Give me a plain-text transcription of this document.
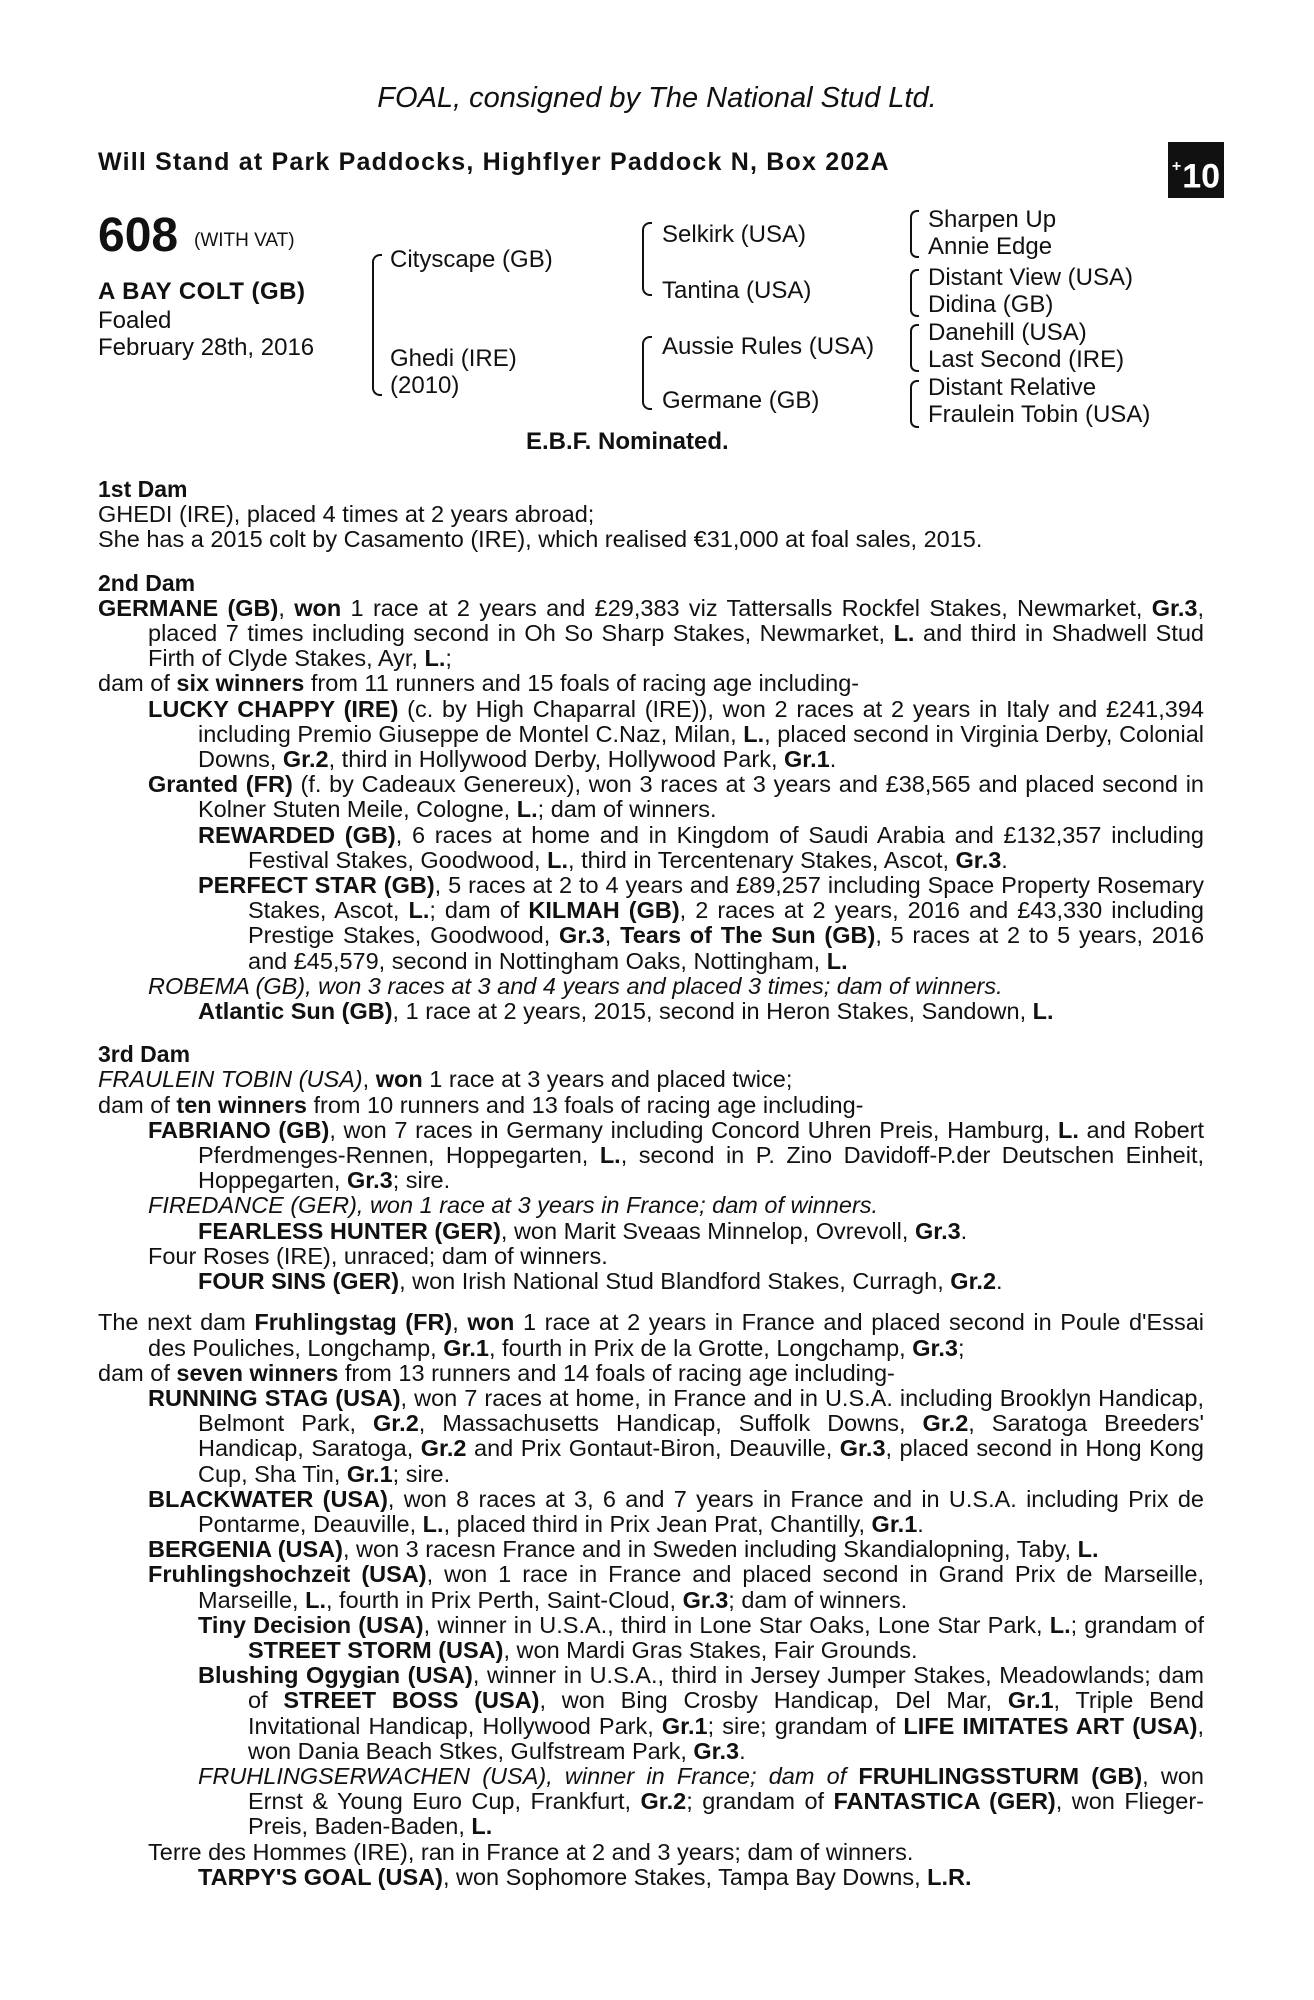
FOAL, consigned by The National Stud Ltd.
Will Stand at Park Paddocks, Highflyer Paddock N, Box 202A	+10
608 (WITH VAT)
A BAY COLT (GB)
Foaled
February 28th, 2016
Cityscape (GB)
Ghedi (IRE)
(2010)
Selkirk (USA)
Tantina (USA)
Aussie Rules (USA)
Germane (GB)
Sharpen Up
Annie Edge
Distant View (USA)
Didina (GB)
Danehill (USA)
Last Second (IRE)
Distant Relative
Fraulein Tobin (USA)
E.B.F. Nominated.
1st Dam

GHEDI (IRE), placed 4 times at 2 years abroad;

She has a 2015 colt by Casamento (IRE), which realised €31,000 at foal sales, 2015.

2nd Dam

GERMANE (GB), won 1 race at 2 years and £29,383 viz Tattersalls Rockfel Stakes, Newmarket, Gr.3, placed 7 times including second in Oh So Sharp Stakes, Newmarket, L. and third in Shadwell Stud Firth of Clyde Stakes, Ayr, L.;

dam of six winners from 11 runners and 15 foals of racing age including-

LUCKY CHAPPY (IRE) (c. by High Chaparral (IRE)), won 2 races at 2 years in Italy and £241,394 including Premio Giuseppe de Montel C.Naz, Milan, L., placed second in Virginia Derby, Colonial Downs, Gr.2, third in Hollywood Derby, Hollywood Park, Gr.1.

Granted (FR) (f. by Cadeaux Genereux), won 3 races at 3 years and £38,565 and placed second in Kolner Stuten Meile, Cologne, L.; dam of winners.

REWARDED (GB), 6 races at home and in Kingdom of Saudi Arabia and £132,357 including Festival Stakes, Goodwood, L., third in Tercentenary Stakes, Ascot, Gr.3.

PERFECT STAR (GB), 5 races at 2 to 4 years and £89,257 including Space Property Rosemary Stakes, Ascot, L.; dam of KILMAH (GB), 2 races at 2 years, 2016 and £43,330 including Prestige Stakes, Goodwood, Gr.3, Tears of The Sun (GB), 5 races at 2 to 5 years, 2016 and £45,579, second in Nottingham Oaks, Nottingham, L.

ROBEMA (GB), won 3 races at 3 and 4 years and placed 3 times; dam of winners.

Atlantic Sun (GB), 1 race at 2 years, 2015, second in Heron Stakes, Sandown, L.

3rd Dam

FRAULEIN TOBIN (USA), won 1 race at 3 years and placed twice;

dam of ten winners from 10 runners and 13 foals of racing age including-

FABRIANO (GB), won 7 races in Germany including Concord Uhren Preis, Hamburg, L. and Robert Pferdmenges-Rennen, Hoppegarten, L., second in P. Zino Davidoff-P.der Deutschen Einheit, Hoppegarten, Gr.3; sire.

FIREDANCE (GER), won 1 race at 3 years in France; dam of winners.

FEARLESS HUNTER (GER), won Marit Sveaas Minnelop, Ovrevoll, Gr.3.

Four Roses (IRE), unraced; dam of winners.

FOUR SINS (GER), won Irish National Stud Blandford Stakes, Curragh, Gr.2.

The next dam Fruhlingstag (FR), won 1 race at 2 years in France and placed second in Poule d'Essai des Pouliches, Longchamp, Gr.1, fourth in Prix de la Grotte, Longchamp, Gr.3;

dam of seven winners from 13 runners and 14 foals of racing age including-

RUNNING STAG (USA), won 7 races at home, in France and in U.S.A. including Brooklyn Handicap, Belmont Park, Gr.2, Massachusetts Handicap, Suffolk Downs, Gr.2, Saratoga Breeders' Handicap, Saratoga, Gr.2 and Prix Gontaut-Biron, Deauville, Gr.3, placed second in Hong Kong Cup, Sha Tin, Gr.1; sire.

BLACKWATER (USA), won 8 races at 3, 6 and 7 years in France and in U.S.A. including Prix de Pontarme, Deauville, L., placed third in Prix Jean Prat, Chantilly, Gr.1.

BERGENIA (USA), won 3 racesn France and in Sweden including Skandialopning, Taby, L.

Fruhlingshochzeit (USA), won 1 race in France and placed second in Grand Prix de Marseille, Marseille, L., fourth in Prix Perth, Saint-Cloud, Gr.3; dam of winners.

Tiny Decision (USA), winner in U.S.A., third in Lone Star Oaks, Lone Star Park, L.; grandam of STREET STORM (USA), won Mardi Gras Stakes, Fair Grounds.

Blushing Ogygian (USA), winner in U.S.A., third in Jersey Jumper Stakes, Meadowlands; dam of STREET BOSS (USA), won Bing Crosby Handicap, Del Mar, Gr.1, Triple Bend Invitational Handicap, Hollywood Park, Gr.1; sire; grandam of LIFE IMITATES ART (USA), won Dania Beach Stkes, Gulfstream Park, Gr.3.

FRUHLINGSERWACHEN (USA), winner in France; dam of FRUHLINGSSTURM (GB), won Ernst & Young Euro Cup, Frankfurt, Gr.2; grandam of FANTASTICA (GER), won Flieger-Preis, Baden-Baden, L.

Terre des Hommes (IRE), ran in France at 2 and 3 years; dam of winners.

TARPY'S GOAL (USA), won Sophomore Stakes, Tampa Bay Downs, L.R.
